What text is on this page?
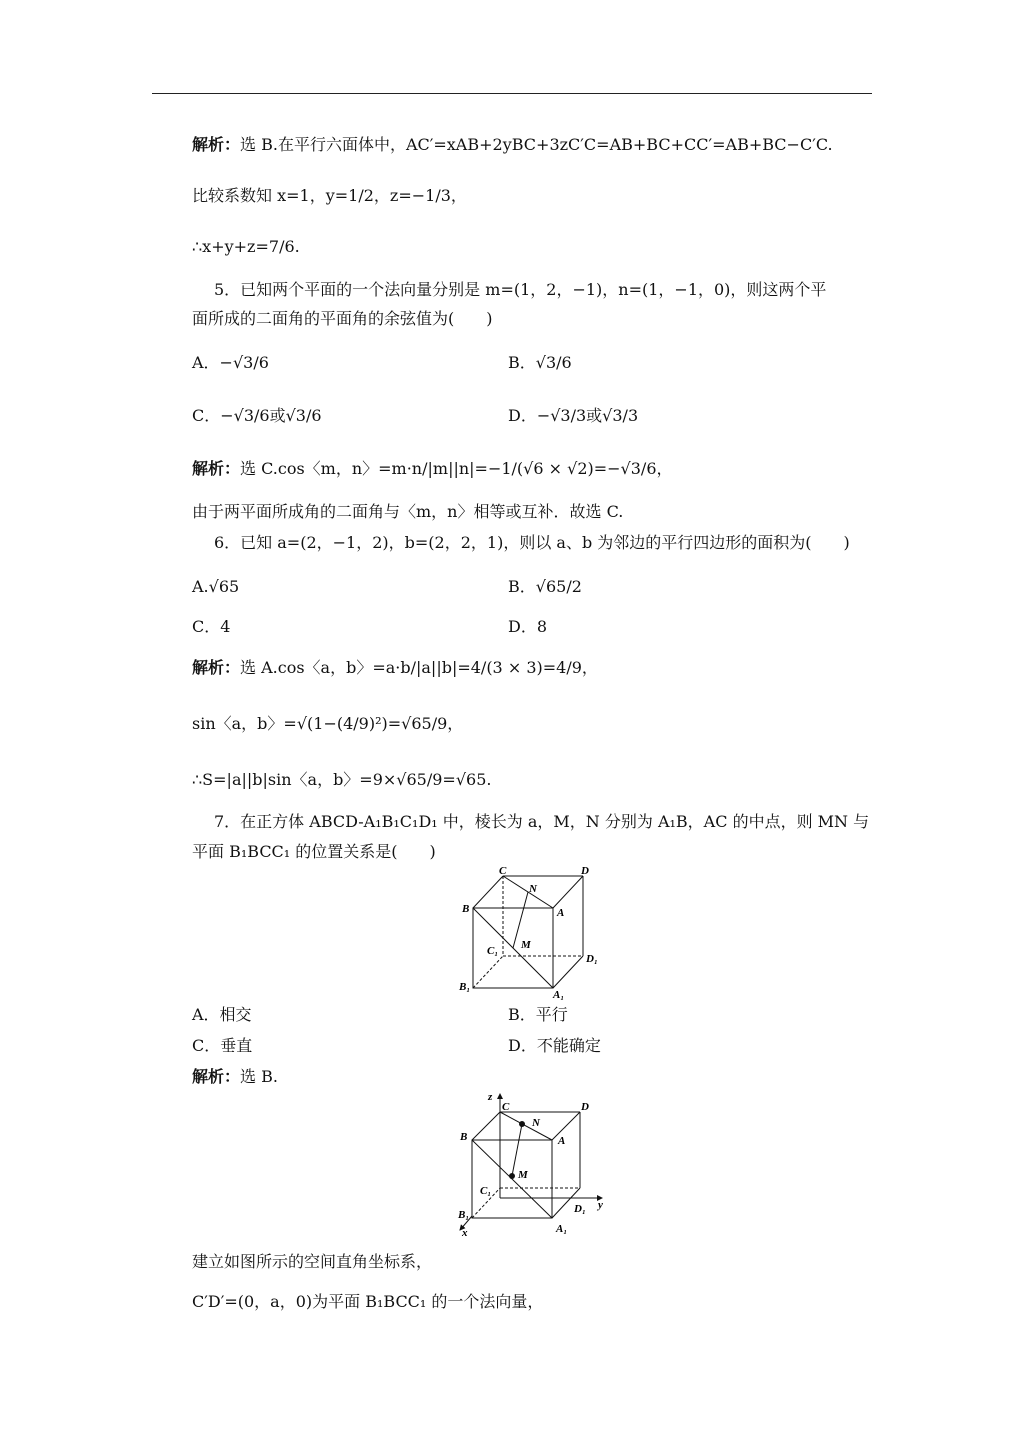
解析：选 B.在平行六面体中，AC′=xAB+2yBC+3zC′C=AB+BC+CC′=AB+BC−C′C.
比较系数知 x=1，y=1/2，z=−1/3，
∴x+y+z=7/6.
5．已知两个平面的一个法向量分别是 m=(1，2，−1)，n=(1，−1，0)，则这两个平
面所成的二面角的平面角的余弦值为(　　)
A．−√3/6	B．√3/6
C．−√3/6或√3/6	D．−√3/3或√3/3
解析：选 C.cos〈m，n〉=m·n/|m||n|=−1/(√6 × √2)=−√3/6，
由于两平面所成角的二面角与〈m，n〉相等或互补．故选 C.
6．已知 a=(2，−1，2)，b=(2，2，1)，则以 a、b 为邻边的平行四边形的面积为(　　)
A.√65	B．√65/2
C．4	D．8
解析：选 A.cos〈a，b〉=a·b/|a||b|=4/(3 × 3)=4/9，
sin〈a，b〉=√(1−(4/9)²)=√65/9，
∴S=|a||b|sin〈a，b〉=9×√65/9=√65.
7．在正方体 ABCD-A₁B₁C₁D₁ 中，棱长为 a，M，N 分别为 A₁B，AC 的中点，则 MN 与
平面 B₁BCC₁ 的位置关系是(　　)
C
N
D
B	A
C₁ M
D₁
B₁
A₁
A．相交	B．平行
C．垂直	D．不能确定
解析：选 B.
z
C
N
D
B	A
M
C₁
B₁	D₁
A₁
x
y
建立如图所示的空间直角坐标系，
C′D′=(0，a，0)为平面 B₁BCC₁ 的一个法向量，
